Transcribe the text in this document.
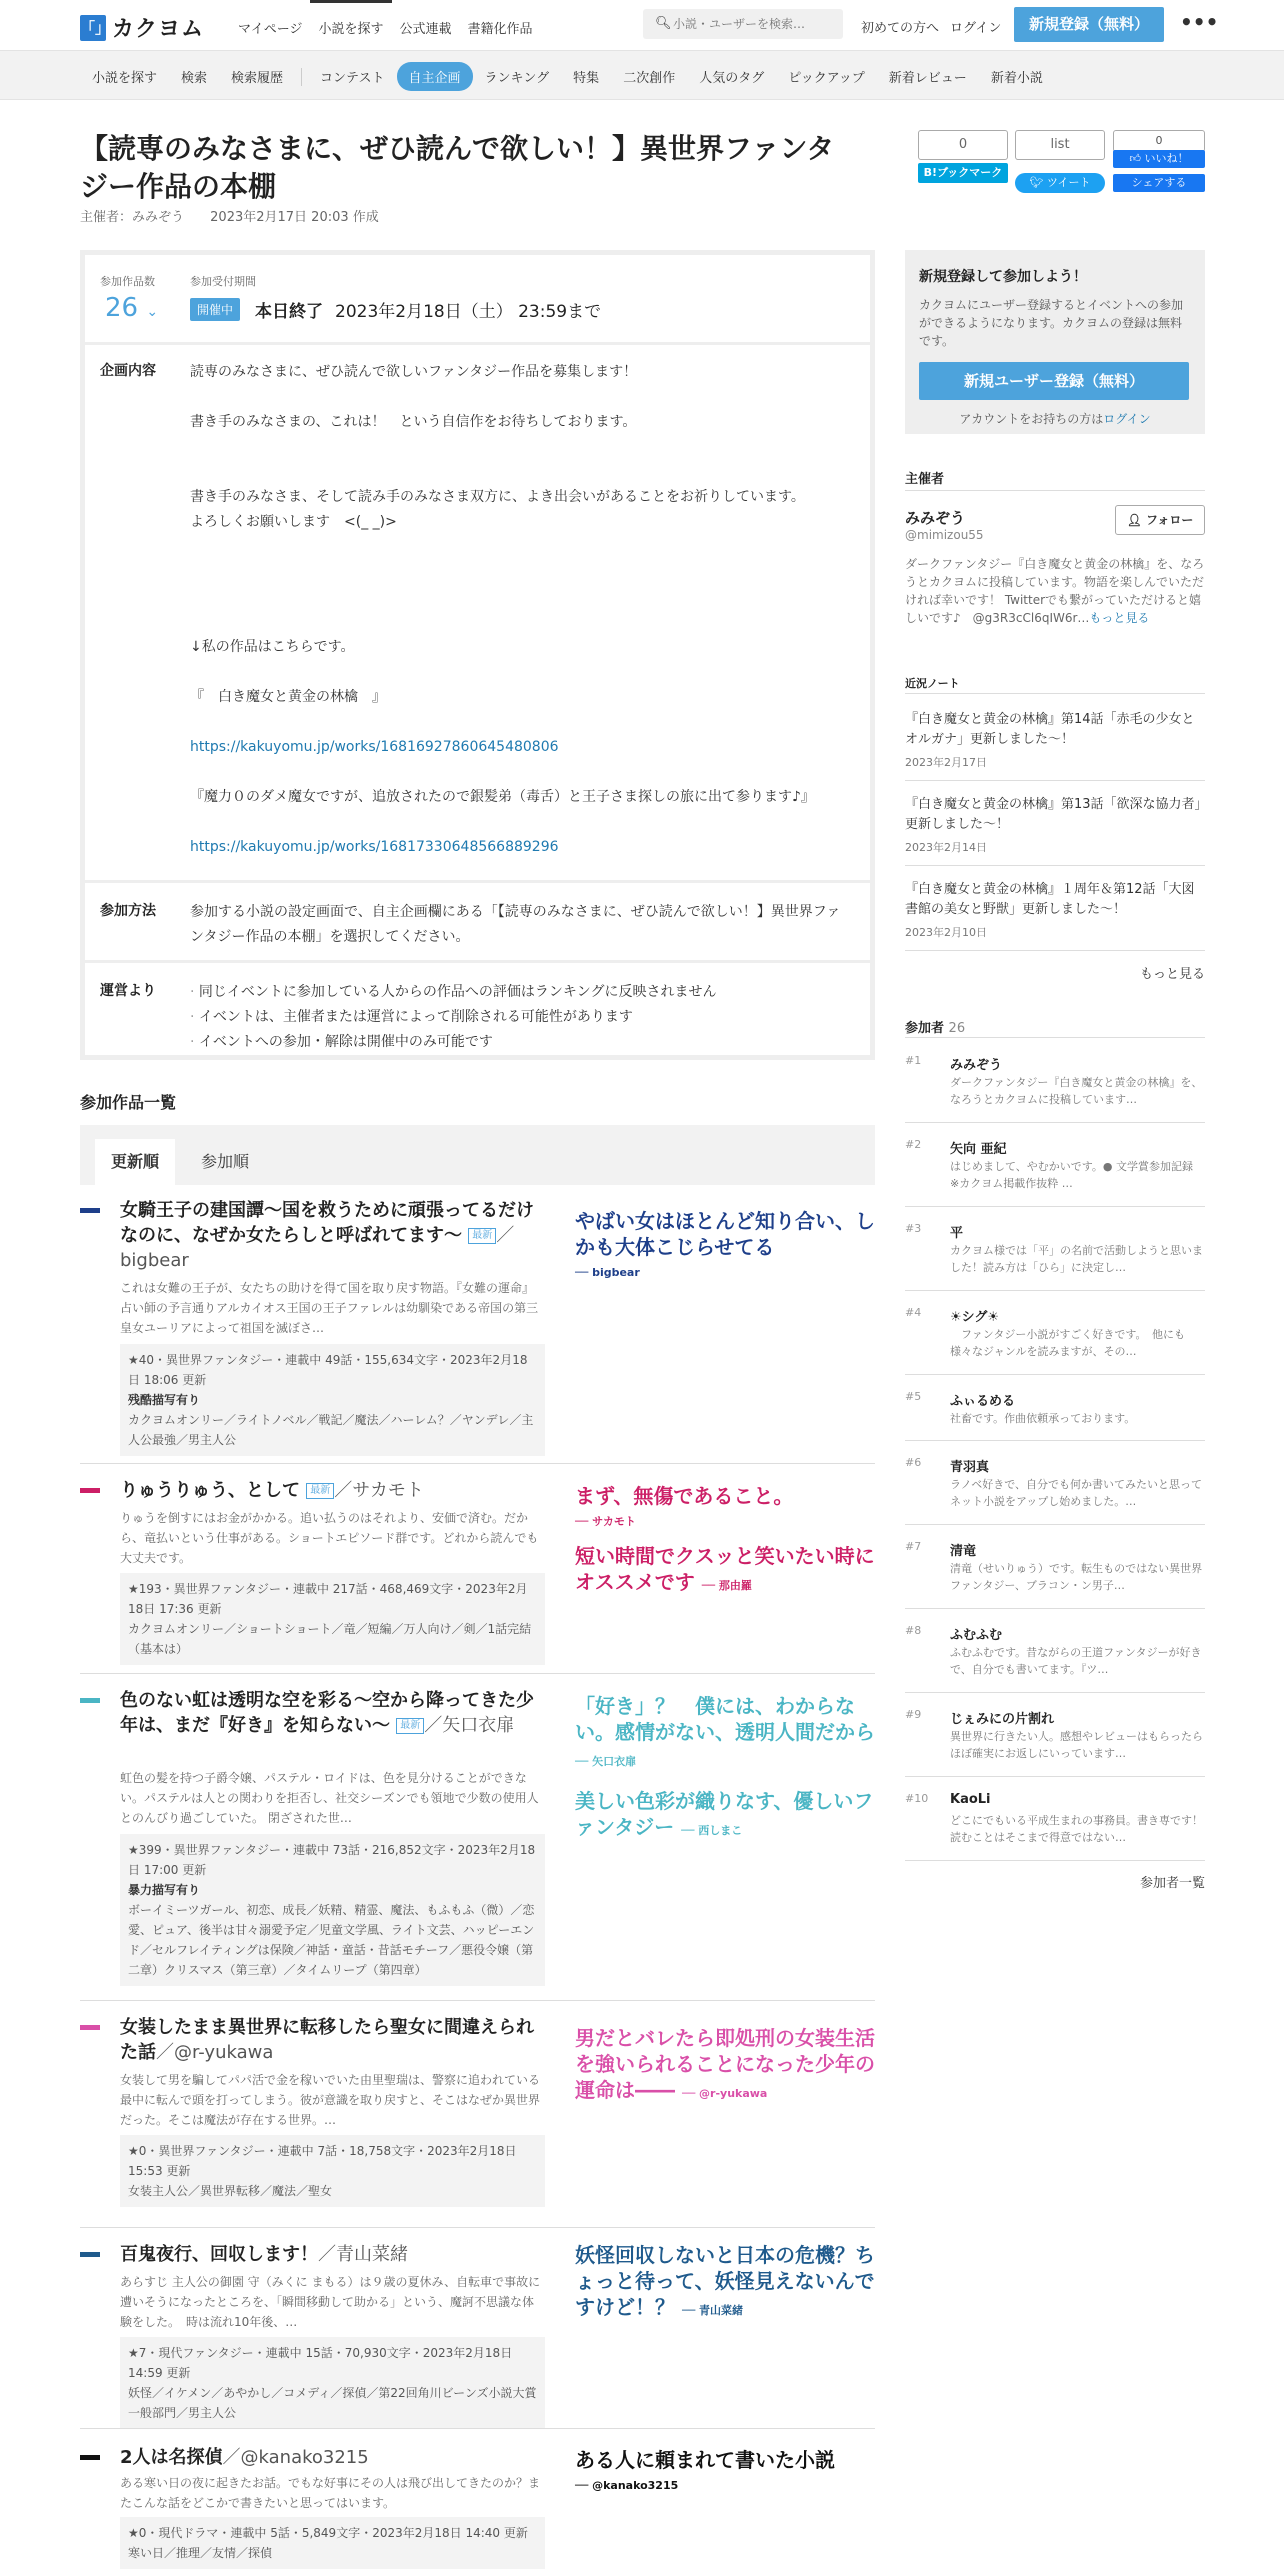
「」 カクヨム	マイページ	小説を探す	公式連載	書籍化作品	🔍︎
小説・ユーザーを検索…	初めての方へ ログイン	新規登録（無料）	•••
小説を探す	検索	検索履歴	コンテスト	自主企画	ランキング	特集	二次創作	人気のタグ	ピックアップ	新着レビュー	新着小説
【読専のみなさまに、ぜひ読んで欲しい！】異世界ファンタジー作品の本棚
主催者：みみぞう 2023年2月17日 20:03 作成
参加作品数
26 ⌄
参加受付期間
開催中	本日終了 2023年2月18日（土） 23:59まで
企画内容 読専のみなさまに、ぜひ読んで欲しいファンタジー作品を募集します！

書き手のみなさまの、これは！　という自信作をお待ちしております。

書き手のみなさま、そして読み手のみなさま双方に、よき出会いがあることをお祈りしています。

よろしくお願いします　<(_ _)>

↓私の作品はこちらです。

『　白き魔女と黄金の林檎　』

https://kakuyomu.jp/works/16816927860645480806

『魔力０のダメ魔女ですが、追放されたので銀髪弟（毒舌）と王子さま探しの旅に出て参ります♪』

https://kakuyomu.jp/works/16817330648566889296

参加方法 参加する小説の設定画面で、自主企画欄にある「【読専のみなさまに、ぜひ読んで欲しい！】異世界ファンタジー作品の本棚」を選択してください。
運営より
·	同じイベントに参加している人からの作品への評価はランキングに反映されません
· イベントは、主催者または運営によって削除される可能性があります
· イベントへの参加・解除は開催中のみ可能です
参加作品一覧
更新順	参加順
女騎王子の建国譚～国を救うために頑張ってるだけなのに、なぜか女たらしと呼ばれてます～ 最新 ／bigbear
これは女難の王子が、女たちの助けを得て国を取り戻す物語。『女難の運命』　占い師の予言通りアルカイオス王国の王子ファレルは幼馴染である帝国の第三皇女ユーリアによって祖国を滅ぼさ…
★40・異世界ファンタジー・連載中 49話・155,634文字・2023年2月18日 18:06 更新
残酷描写有り
カクヨムオンリー／ライトノベル／戦記／魔法／ハーレム？／ヤンデレ／主人公最強／男主人公
やばい女はほとんど知り合い、しかも大体こじらせてる
── bigbear
りゅうりゅう、として 最新 ／サカモト
りゅうを倒すにはお金がかかる。追い払うのはそれより、安価で済む。だから、竜払いという仕事がある。ショートエピソード群です。どれから読んでも大丈夫です。
★193・異世界ファンタジー・連載中 217話・468,469文字・2023年2月18日 17:36 更新
カクヨムオンリー／ショートショート／竜／短編／万人向け／剣／1話完結（基本は）
まず、無傷であること。
── サカモト
短い時間でクスッと笑いたい時にオススメです ── 那由羅
色のない虹は透明な空を彩る～空から降ってきた少年は、まだ『好き』を知らない～ 最新 ／矢口衣扉
虹色の髪を持つ子爵令嬢、パステル・ロイドは、色を見分けることができない。パステルは人との関わりを拒否し、社交シーズンでも領地で少数の使用人とのんびり過ごしていた。 閉ざされた世…
★399・異世界ファンタジー・連載中 73話・216,852文字・2023年2月18日 17:00 更新
暴力描写有り
ボーイミーツガール、初恋、成長／妖精、精霊、魔法、もふもふ（微）／恋愛、ピュア、後半は甘々溺愛予定／児童文学風、ライト文芸、ハッピーエンド／セルフレイティングは保険／神話・童話・昔話モチーフ／悪役令嬢（第二章）クリスマス（第三章）／タイムリープ（第四章）
「好き」？　僕には、わからない。感情がない、透明人間だから ── 矢口衣扉
美しい色彩が織りなす、優しいファンタジー ── 西しまこ
女装したまま異世界に転移したら聖女に間違えられた話／@r-yukawa
女装して男を騙してパパ活で金を稼いでいた由里聖瑞は、警察に追われている最中に転んで頭を打ってしまう。彼が意識を取り戻すと、そこはなぜか異世界だった。そこは魔法が存在する世界。…
★0・異世界ファンタジー・連載中 7話・18,758文字・2023年2月18日 15:53 更新
女装主人公／異世界転移／魔法／聖女
男だとバレたら即処刑の女装生活を強いられることになった少年の運命は―― ── @r-yukawa
百鬼夜行、回収します！／青山菜緒
あらすじ 主人公の御園 守（みくに まもる）は９歳の夏休み、自転車で事故に遭いそうになったところを、「瞬間移動して助かる」という、魔訶不思議な体験をした。　時は流れ10年後、…
★7・現代ファンタジー・連載中 15話・70,930文字・2023年2月18日 14:59 更新
妖怪／イケメン／あやかし／コメディ／探偵／第22回角川ビーンズ小説大賞一般部門／男主人公
妖怪回収しないと日本の危機？ちょっと待って、妖怪見えないんですけど！？ ── 青山菜緒
2人は名探偵／@kanako3215
ある寒い日の夜に起きたお話。でもな好事にその人は飛び出してきたのか？またこんな話をどこかで書きたいと思ってはいます。
★0・現代ドラマ・連載中 5話・5,849文字・2023年2月18日 14:40 更新
寒い日／推理／友情／探偵
ある人に頼まれて書いた小説
── @kanako3215
0
B!ブックマーク
list
🐦︎ ツイート
0
👍︎ いいね！
シェアする
新規登録して参加しよう！
カクヨムにユーザー登録するとイベントへの参加ができるようになります。カクヨムの登録は無料です。
新規ユーザー登録（無料）
アカウントをお持ちの方はログイン
主催者
みみぞう
@mimizou55
👤︎ フォロー
ダークファンタジー『白き魔女と黄金の林檎』を、なろうとカクヨムに投稿しています。物語を楽しんでいただければ幸いです！ Twitterでも繋がっていただけると嬉しいです♪　@g3R3cCl6qIW6r…もっと見る
近況ノート
『白き魔女と黄金の林檎』第14話「赤毛の少女とオルガナ」更新しました～！
2023年2月17日
『白き魔女と黄金の林檎』第13話「欲深な協力者」更新しました～！
2023年2月14日
『白き魔女と黄金の林檎』１周年＆第12話「大図書館の美女と野獣」更新しました～！
2023年2月10日
もっと見る
参加者 26
#1 みみぞう
ダークファンタジー『白き魔女と黄金の林檎』を、なろうとカクヨムに投稿しています…
#2 矢向 亜紀
はじめまして、やむかいです。● 文学賞参加記録　※カクヨム掲載作抜粋 …
#3 平
カクヨム様では「平」の名前で活動しようと思いました！読み方は「ひら」に決定し…
#4 ☀シグ☀
　ファンタジー小説がすごく好きです。　他にも様々なジャンルを読みますが、その…
#5 ふぃるめる
社畜です。作曲依頼承っております。
#6 青羽真
ラノベ好きで、自分でも何か書いてみたいと思ってネット小説をアップし始めました。…
#7 清竜
清竜（せいりゅう）です。転生ものではない異世界ファンタジー、ブラコン・ン男子…
#8 ふむふむ
ふむふむです。昔ながらの王道ファンタジーが好きで、自分でも書いてます。『ツ…
#9 じぇみにの片割れ
異世界に行きたい人。感想やレビューはもらったらほぼ確実にお返しにいっています…
#10 KaoLi
どこにでもいる平成生まれの事務員。書き専です！読むことはそこまで得意ではない…
参加者一覧
